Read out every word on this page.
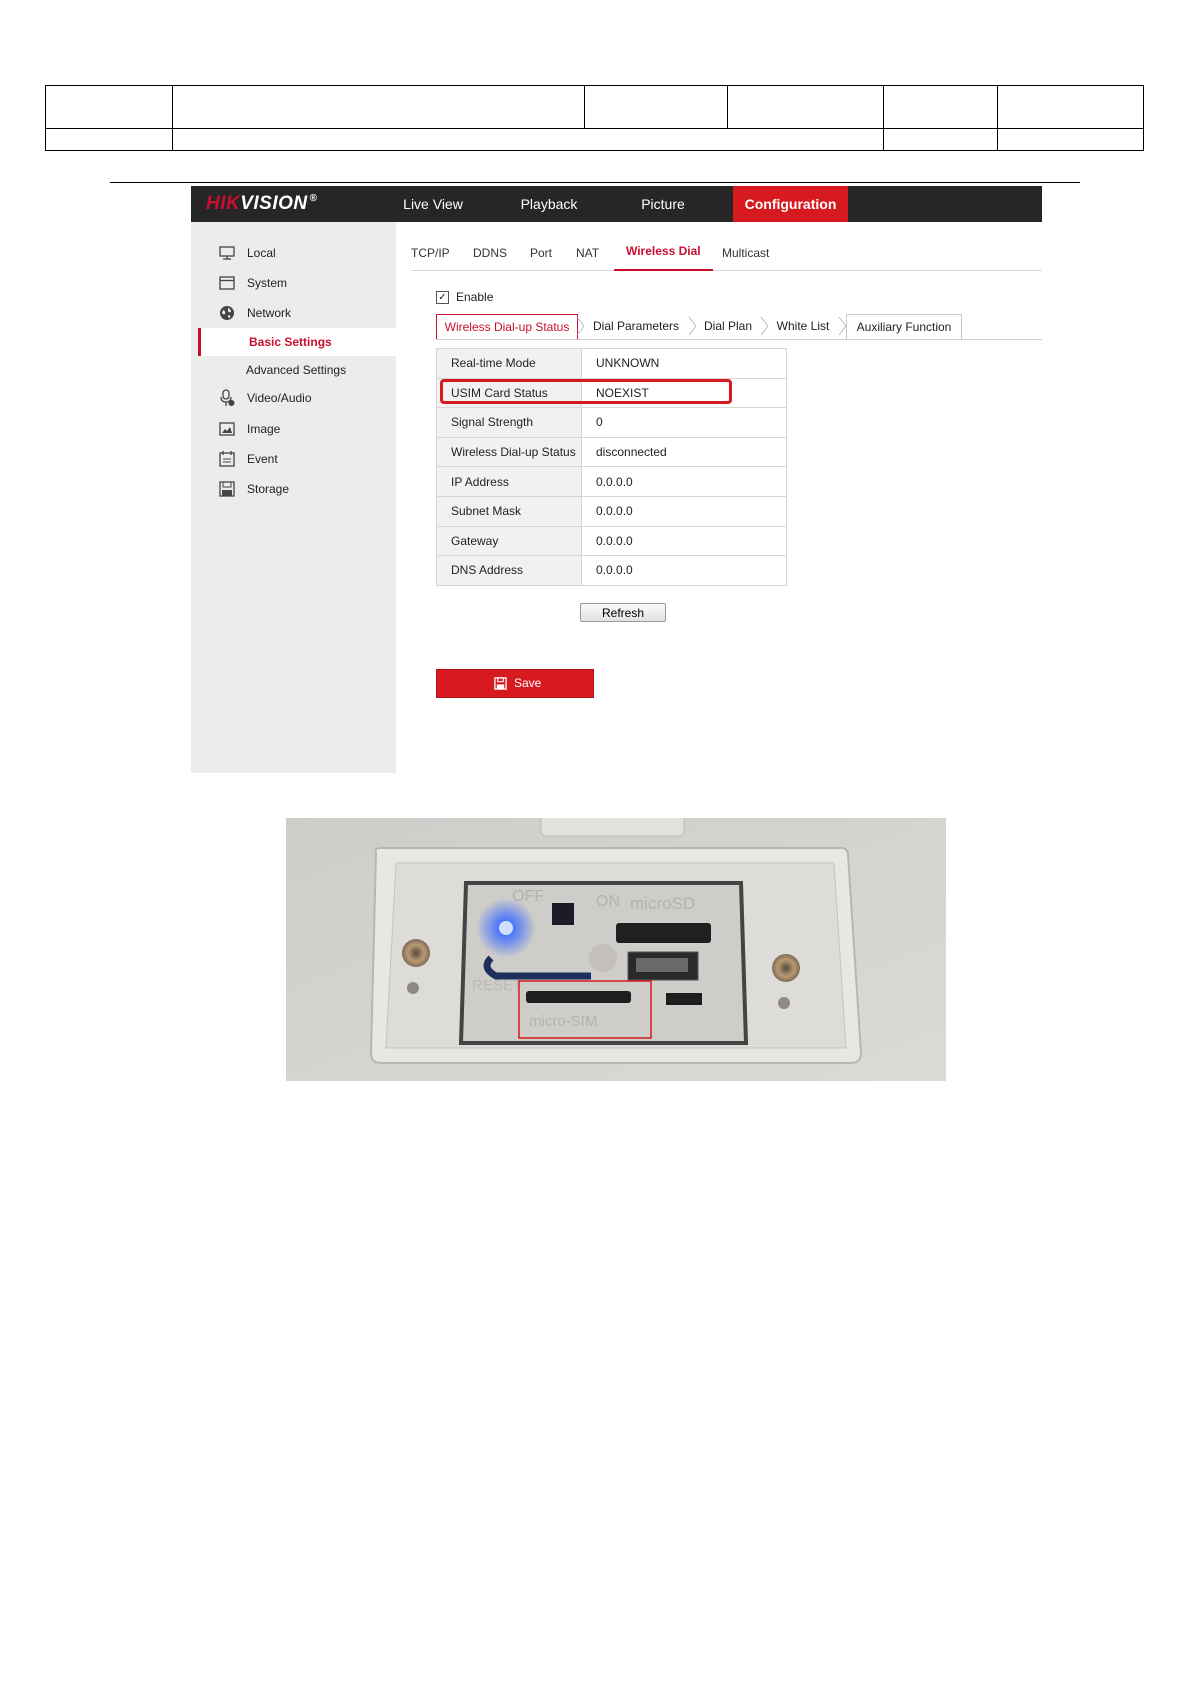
HIKVISION ®	Live View	Playback	Picture	Configuration
Local
System
Network
Basic Settings
Advanced Settings
Video/Audio
Image
Event
Storage
TCP/IP DDNS Port NAT	Wireless Dial	Multicast
✓ Enable
Wireless Dial-up Status	Dial Parameters	Dial Plan	White List	Auxiliary Function
Real-time Mode	UNKNOWN
USIM Card Status	NOEXIST
Signal Strength	0
Wireless Dial-up Status	disconnected
IP Address	0.0.0.0
Subnet Mask	0.0.0.0
Gateway	0.0.0.0
DNS Address	0.0.0.0
Refresh
Save
OFF	ON microSD
RESET
micro-SIM
